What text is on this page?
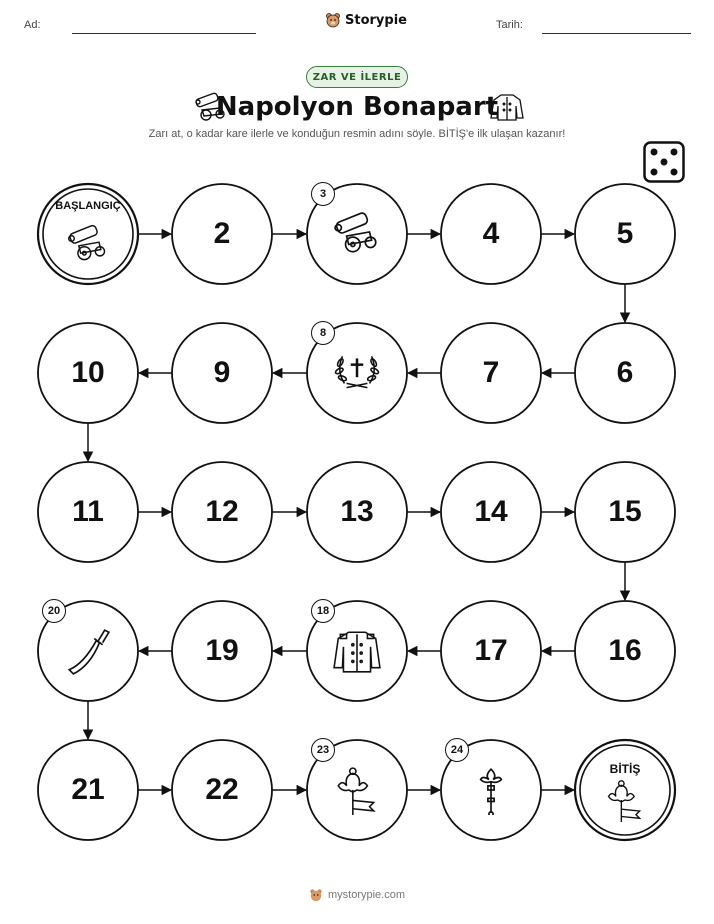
Ad:	Storypie	Tarih:
ZAR VE İLERLE
Napolyon Bonapart
Zarı at, o kadar kare ilerle ve konduğun resmin adını söyle. BİTİŞ'e ilk ulaşan kazanır!
BAŞLANGIÇ
2
3
4	5
6
7
8
9
10
11	12	13	14	15
16
17
18
19
20
21	22
23	24
BİTİŞ
mystorypie.com
